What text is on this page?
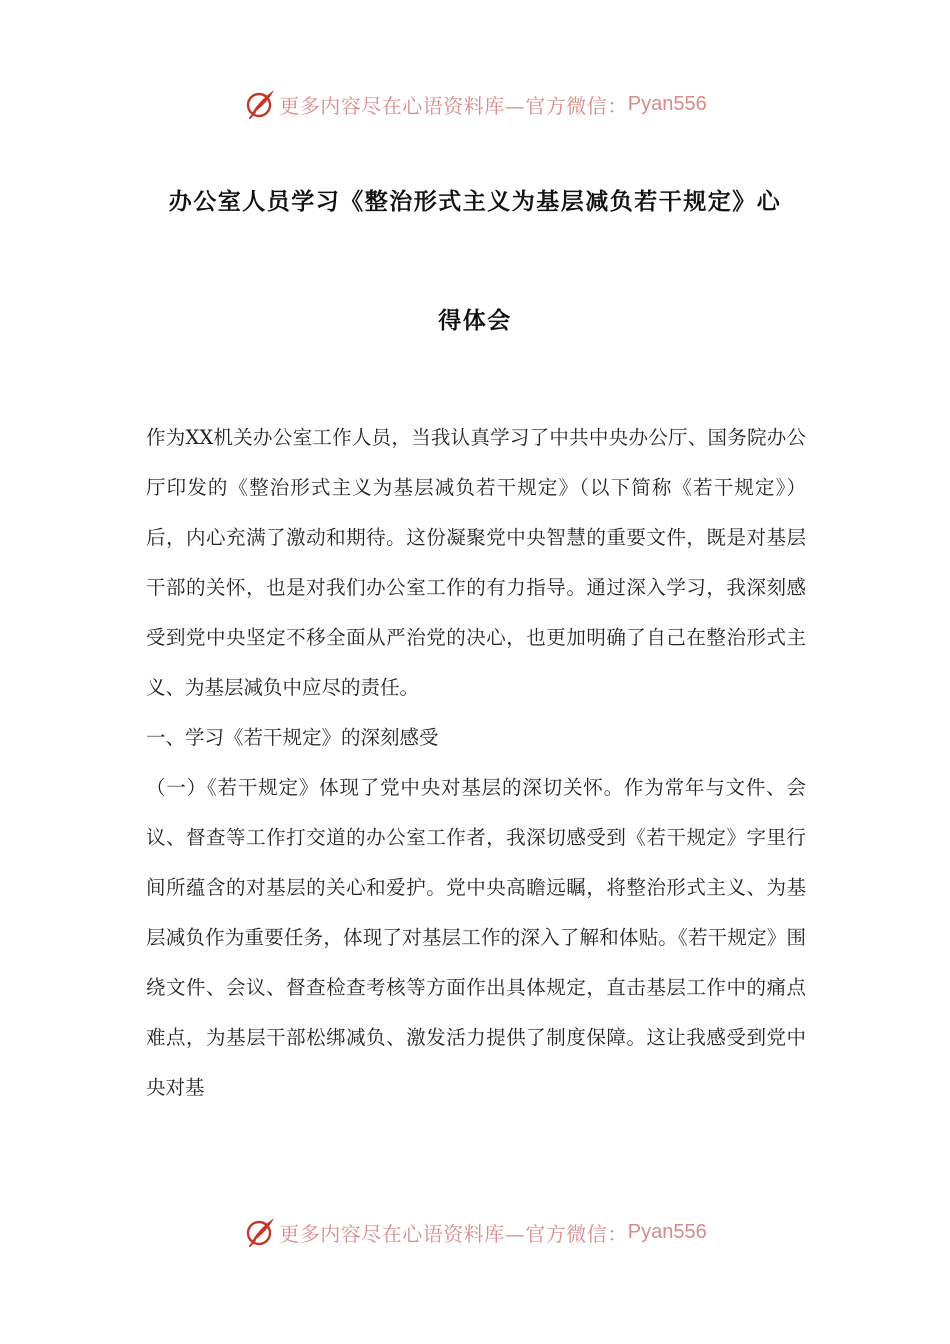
更多内容尽在心语资料库—官方微信： Pyan556
办公室人员学习《整治形式主义为基层减负若干规定》心
得体会

作为XX机关办公室工作人员，当我认真学习了中共中央办公厅、国务院办公厅印发的《整治形式主义为基层减负若干规定》（以下简称《若干规定》）后，内心充满了激动和期待。这份凝聚党中央智慧的重要文件，既是对基层干部的关怀，也是对我们办公室工作的有力指导。通过深入学习，我深刻感受到党中央坚定不移全面从严治党的决心，也更加明确了自己在整治形式主义、为基层减负中应尽的责任。

一、学习《若干规定》的深刻感受

（一）《若干规定》体现了党中央对基层的深切关怀。作为常年与文件、会议、督查等工作打交道的办公室工作者，我深切感受到《若干规定》字里行间所蕴含的对基层的关心和爱护。党中央高瞻远瞩，将整治形式主义、为基层减负作为重要任务，体现了对基层工作的深入了解和体贴。《若干规定》围绕文件、会议、督查检查考核等方面作出具体规定，直击基层工作中的痛点难点，为基层干部松绑减负、激发活力提供了制度保障。这让我感受到党中央对基

更多内容尽在心语资料库—官方微信： Pyan556
